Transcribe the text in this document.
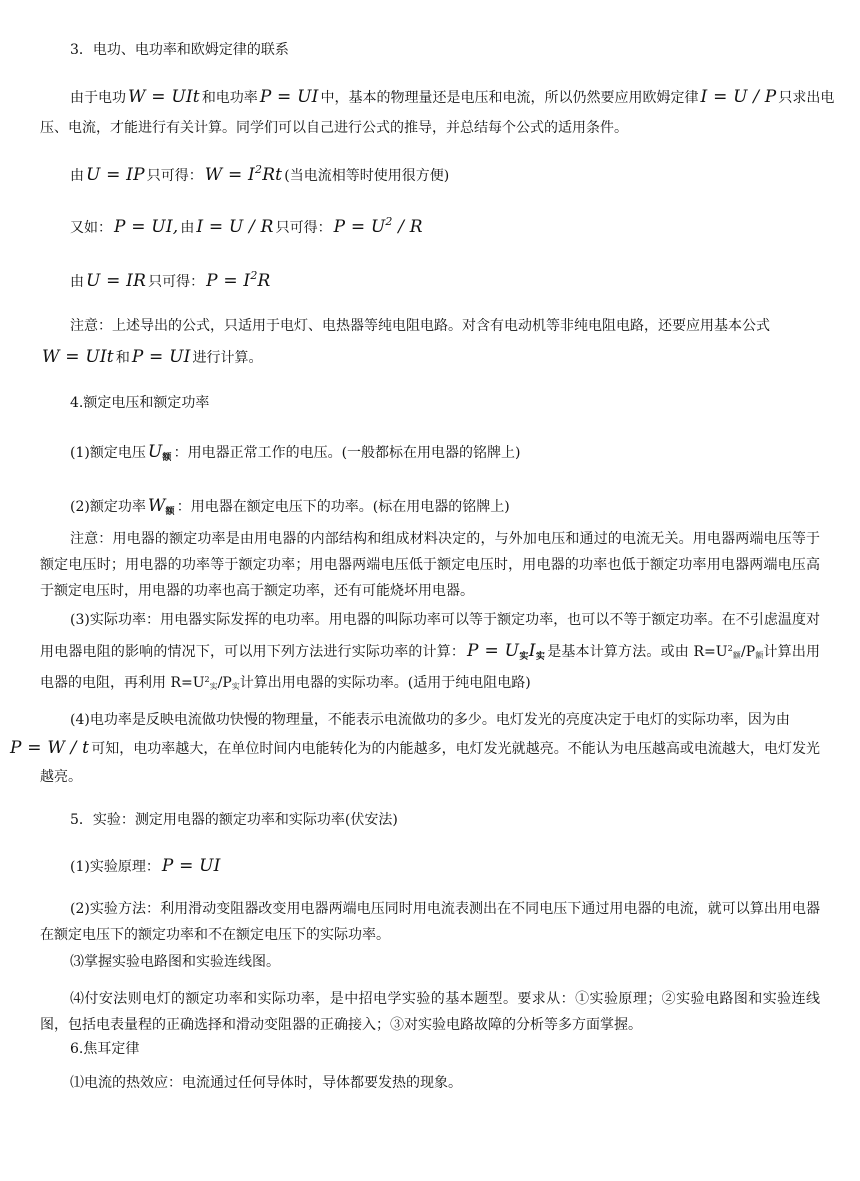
3．电功、电功率和欧姆定律的联系
由于电功 W = UIt 和电功率 P = UI 中，基本的物理量还是电压和电流，所以仍然要应用欧姆定律 I = U / P 只求出电
压、电流，才能进行有关计算。同学们可以自己进行公式的推导，并总结每个公式的适用条件。
由 U = IP 只可得： $W = I^2Rt$ (当电流相等时使用很方便)
又如： P = UI, 由 I = U / R 只可得： $P = U^2 / R$
由 U = IR 只可得： $P = I^2R$
注意：上述导出的公式，只适用于电灯、电热器等纯电阻电路。对含有电动机等非纯电阻电路，还要应用基本公式
W = UIt 和 P = UI 进行计算。
4.额定电压和额定功率
(1)额定电压 $U_额$ ：用电器正常工作的电压。(一般都标在用电器的铭牌上)
(2)额定功率 $W_额$ ：用电器在额定电压下的功率。(标在用电器的铭牌上)
注意：用电器的额定功率是由用电器的内部结构和组成材料决定的，与外加电压和通过的电流无关。用电器两端电压等于额定电压时；用电器的功率等于额定功率；用电器两端电压低于额定电压时，用电器的功率也低于额定功率用电器两端电压高于额定电压时，用电器的功率也高于额定功率，还有可能烧坏用电器。
(3)实际功率：用电器实际发挥的电功率。用电器的叫际功率可以等于额定功率，也可以不等于额定功率。在不引虑温度对用电器电阻的影响的情况下，可以用下列方法进行实际功率的计算： $P = U_实I_实$ 是基本计算方法。或由 $R=U^2_额/P_额$计算出用电器的电阻，再利用 $R=U^2_实/P_实$计算出用电器的实际功率。(适用于纯电阻电路)
(4)电功率是反映电流做功快慢的物理量，不能表示电流做功的多少。电灯发光的亮度决定于电灯的实际功率，因为由
P = W / t 可知，电功率越大，在单位时间内电能转化为的内能越多，电灯发光就越亮。不能认为电压越高或电流越大，电灯发光越亮。
5．实验：测定用电器的额定功率和实际功率(伏安法)
(1)实验原理： P = UI
(2)实验方法：利用滑动变阻器改变用电器两端电压同时用电流表测出在不同电压下通过用电器的电流，就可以算出用电器在额定电压下的额定功率和不在额定电压下的实际功率。
⑶掌握实验电路图和实验连线图。
⑷付安法则电灯的额定功率和实际功率，是中招电学实验的基本题型。要求从：①实验原理；②实验电路图和实验连线图，包括电表量程的正确选择和滑动变阻器的正确接入；③对实验电路故障的分析等多方面掌握。
6.焦耳定律
⑴电流的热效应：电流通过任何导体时，导体都要发热的现象。
